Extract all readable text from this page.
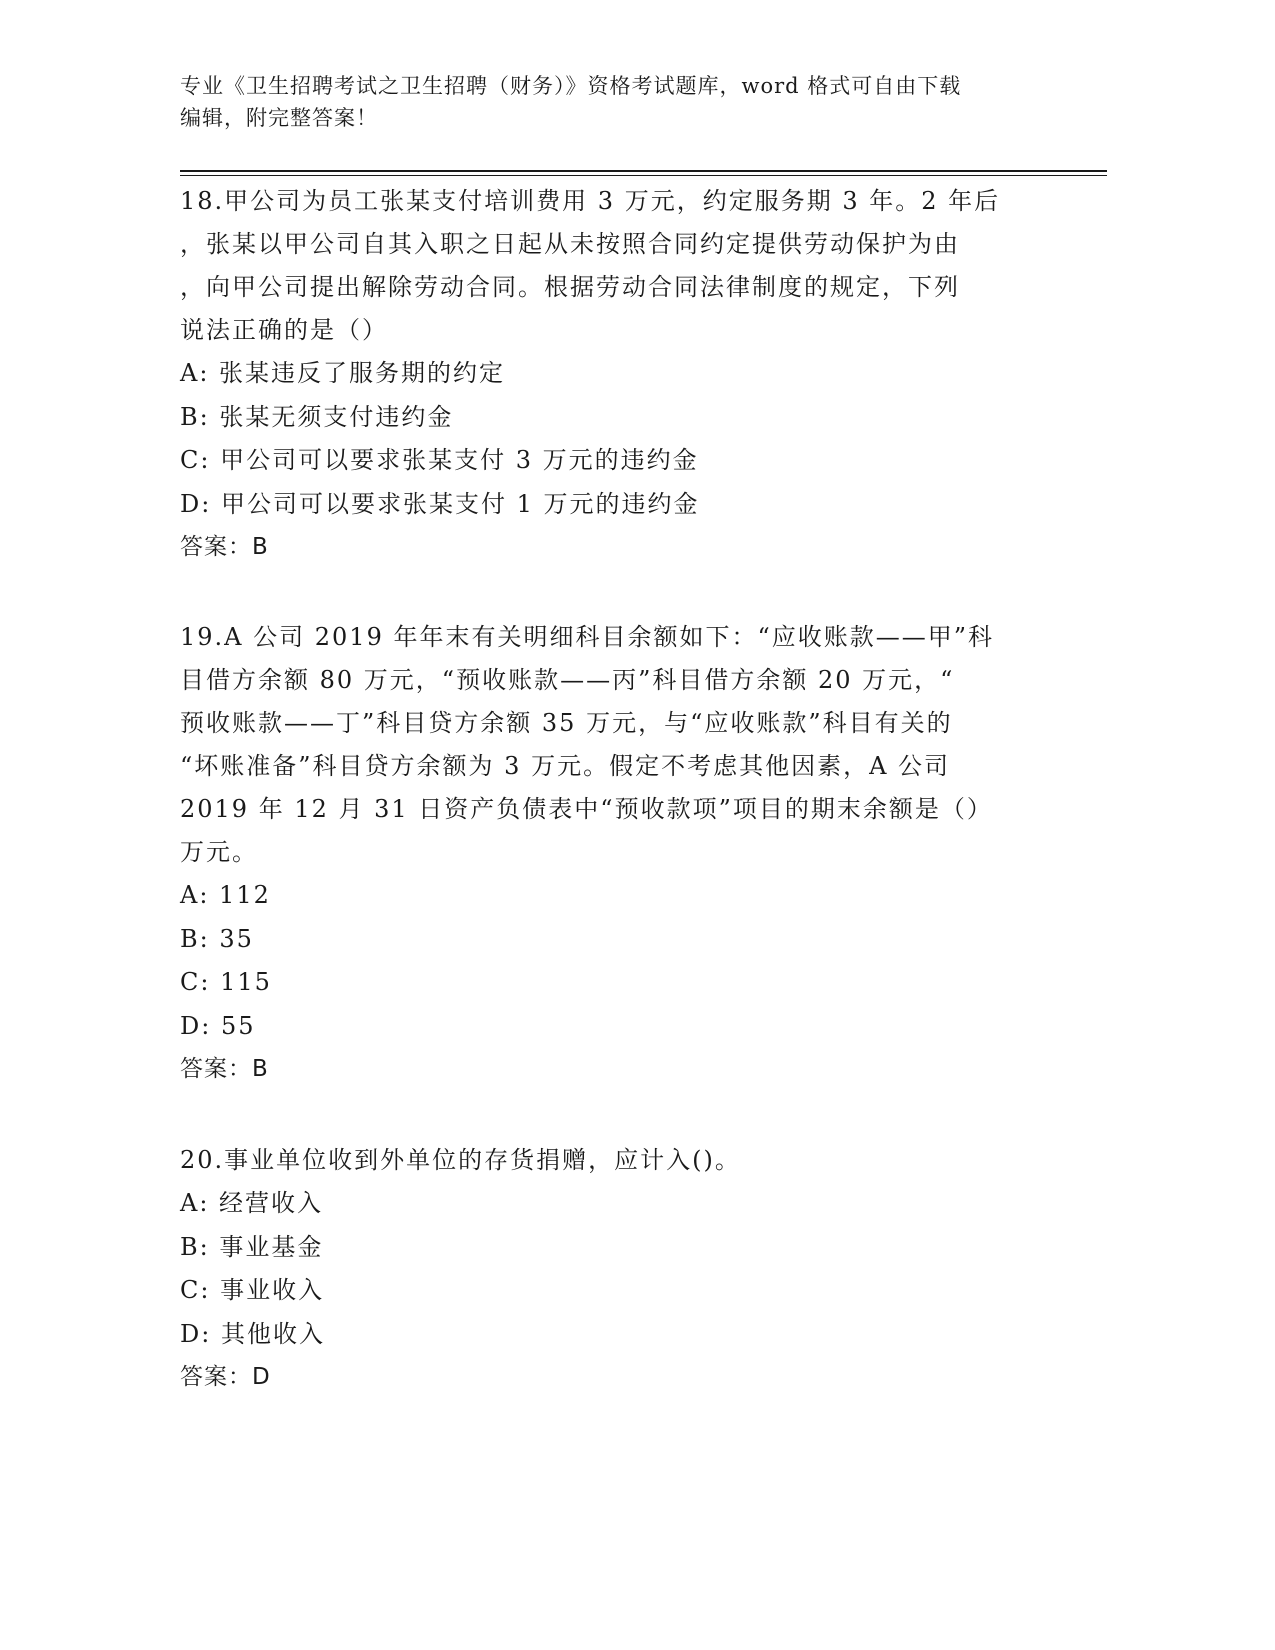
专业《卫生招聘考试之卫生招聘（财务）》资格考试题库，word 格式可自由下载
编辑，附完整答案！
18.甲公司为员工张某支付培训费用 3 万元，约定服务期 3 年。2 年后
，张某以甲公司自其入职之日起从未按照合同约定提供劳动保护为由
，向甲公司提出解除劳动合同。根据劳动合同法律制度的规定，下列
说法正确的是（）
A: 张某违反了服务期的约定
B: 张某无须支付违约金
C: 甲公司可以要求张某支付 3 万元的违约金
D: 甲公司可以要求张某支付 1 万元的违约金
答案：B
19.A 公司 2019 年年末有关明细科目余额如下：“应收账款——甲”科
目借方余额 80 万元，“预收账款——丙”科目借方余额 20 万元，“
预收账款——丁”科目贷方余额 35 万元，与“应收账款”科目有关的
“坏账准备”科目贷方余额为 3 万元。假定不考虑其他因素，A 公司
2019 年 12 月 31 日资产负债表中“预收款项”项目的期末余额是（）
万元。
A: 112
B: 35
C: 115
D: 55
答案：B
20.事业单位收到外单位的存货捐赠，应计入()。
A: 经营收入
B: 事业基金
C: 事业收入
D: 其他收入
答案：D
